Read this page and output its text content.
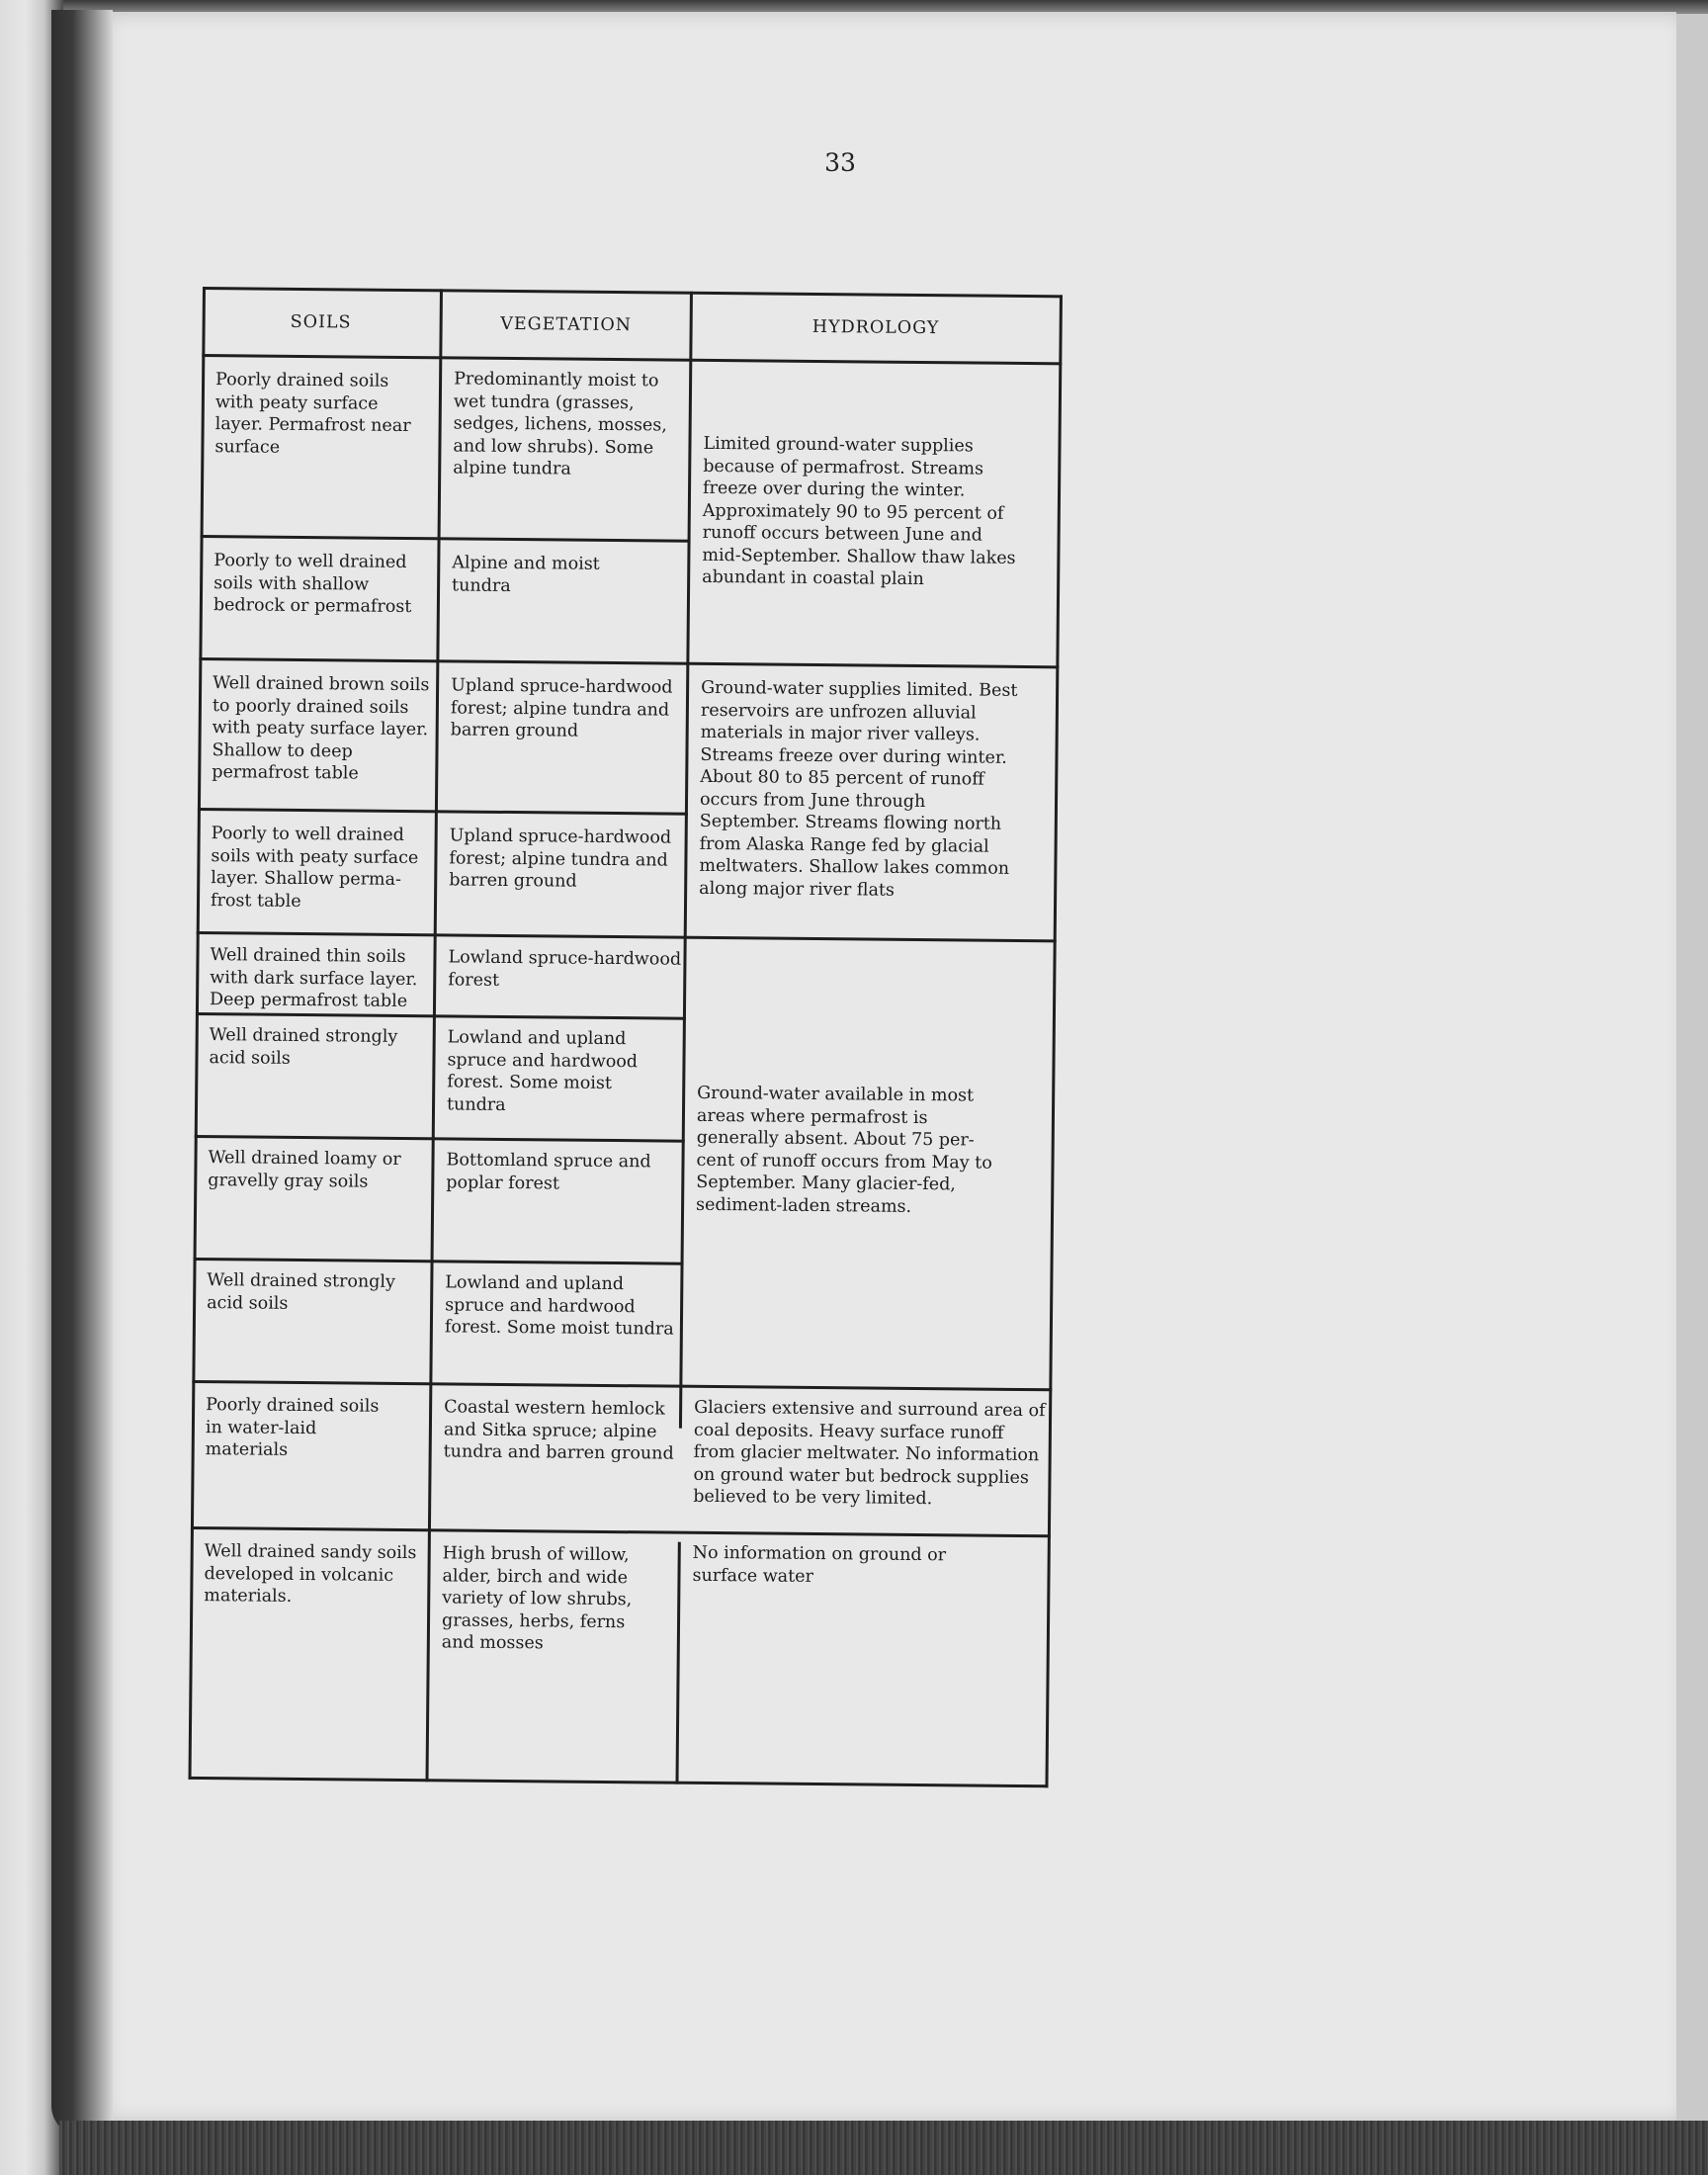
33
SOILS	VEGETATION	HYDROLOGY
Poorly drained soils with peaty surface layer. Permafrost near surface
Poorly to well drained soils with shallow bedrock or permafrost
Well drained brown soils to poorly drained soils with peaty surface layer. Shallow to deep permafrost table
Poorly to well drained soils with peaty surface layer. Shallow perma-frost table
Well drained thin soils with dark surface layer. Deep permafrost table
Well drained strongly acid soils
Well drained loamy or gravelly gray soils
Well drained strongly acid soils
Poorly drained soils in water-laid materials
Well drained sandy soils developed in volcanic materials.
Predominantly moist to wet tundra (grasses, sedges, lichens, mosses, and low shrubs). Some alpine tundra
Alpine and moist tundra
Upland spruce-hardwood forest; alpine tundra and barren ground
Upland spruce-hardwood forest; alpine tundra and barren ground
Lowland spruce-hardwood forest
Lowland and upland spruce and hardwood forest. Some moist tundra
Bottomland spruce and poplar forest
Lowland and upland spruce and hardwood forest. Some moist tundra
Coastal western hemlock and Sitka spruce; alpine tundra and barren ground
High brush of willow, alder, birch and wide variety of low shrubs, grasses, herbs, ferns and mosses
Limited ground-water supplies because of permafrost. Streams freeze over during the winter. Approximately 90 to 95 percent of runoff occurs between June and mid-September. Shallow thaw lakes abundant in coastal plain
Ground-water supplies limited. Best reservoirs are unfrozen alluvial materials in major river valleys. Streams freeze over during winter. About 80 to 85 percent of runoff occurs from June through September. Streams flowing north from Alaska Range fed by glacial meltwaters. Shallow lakes common along major river flats
Ground-water available in most areas where permafrost is generally absent. About 75 per-cent of runoff occurs from May to September. Many glacier-fed, sediment-laden streams.
Glaciers extensive and surround area of coal deposits. Heavy surface runoff from glacier meltwater. No information on ground water but bedrock supplies believed to be very limited.
No information on ground or surface water
